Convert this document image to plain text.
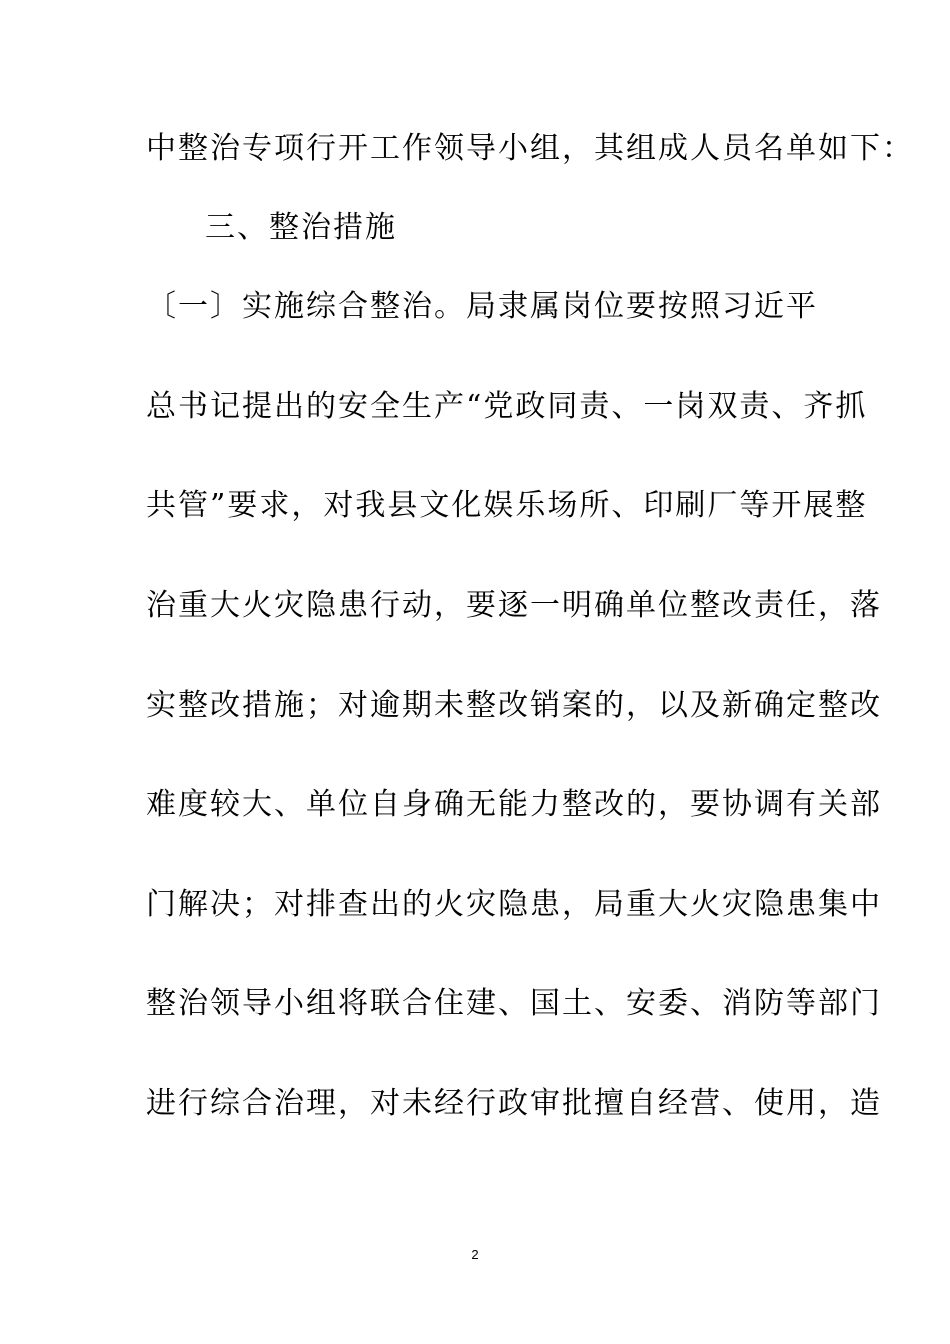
中整治专项行开工作领导小组，其组成人员名单如下：
三、整治措施
〔一〕实施综合整治。局隶属岗位要按照习近平
总书记提出的安全生产“党政同责、一岗双责、齐抓
共管”要求，对我县文化娱乐场所、印刷厂等开展整
治重大火灾隐患行动，要逐一明确单位整改责任，落
实整改措施；对逾期未整改销案的，以及新确定整改
难度较大、单位自身确无能力整改的，要协调有关部
门解决；对排查出的火灾隐患，局重大火灾隐患集中
整治领导小组将联合住建、国土、安委、消防等部门
进行综合治理，对未经行政审批擅自经营、使用，造
2
